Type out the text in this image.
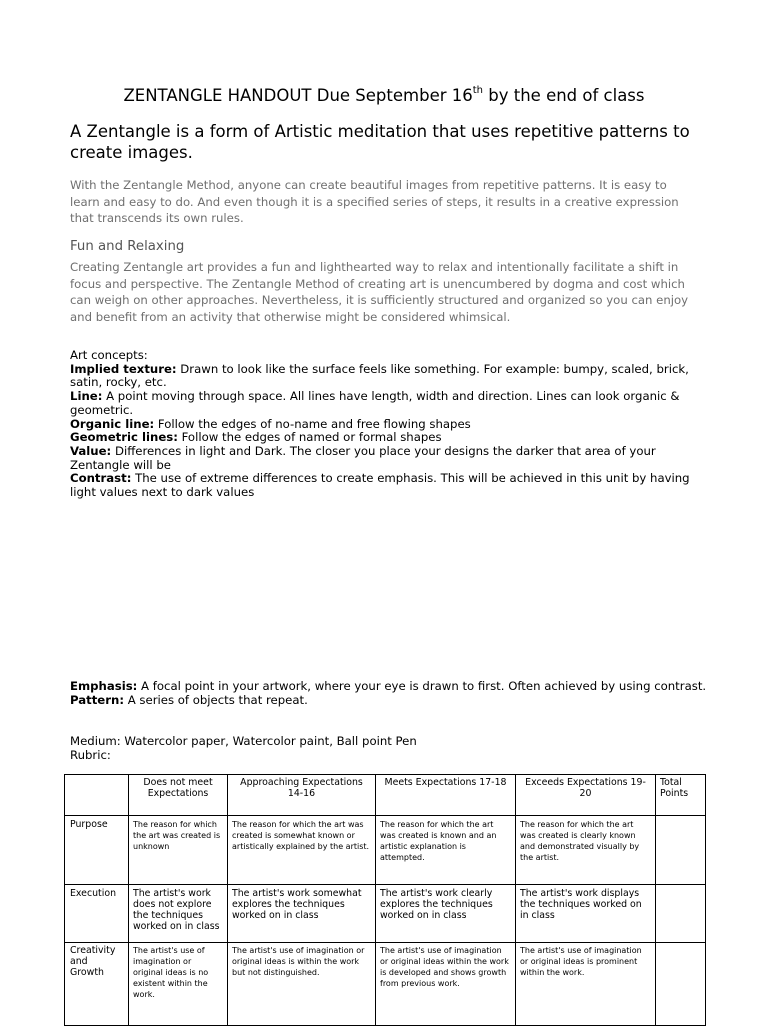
ZENTANGLE HANDOUT Due September 16th by the end of class
A Zentangle is a form of Artistic meditation that uses repetitive patterns to create images.
With the Zentangle Method, anyone can create beautiful images from repetitive patterns. It is easy to learn and easy to do. And even though it is a specified series of steps, it results in a creative expression that transcends its own rules.
Fun and Relaxing
Creating Zentangle art provides a fun and lighthearted way to relax and intentionally facilitate a shift in focus and perspective. The Zentangle Method of creating art is unencumbered by dogma and cost which can weigh on other approaches. Nevertheless, it is sufficiently structured and organized so you can enjoy and benefit from an activity that otherwise might be considered whimsical.

Art concepts:

Implied texture: Drawn to look like the surface feels like something. For example: bumpy, scaled, brick, satin, rocky, etc.

Line: A point moving through space. All lines have length, width and direction. Lines can look organic & geometric.

Organic line: Follow the edges of no-name and free flowing shapes

Geometric lines: Follow the edges of named or formal shapes

Value: Differences in light and Dark. The closer you place your designs the darker that area of your Zentangle will be

Contrast: The use of extreme differences to create emphasis. This will be achieved in this unit by having light values next to dark values

Emphasis: A focal point in your artwork, where your eye is drawn to first. Often achieved by using contrast.

Pattern: A series of objects that repeat.

Medium: Watercolor paper, Watercolor paint, Ball point Pen

Rubric:

	Does not meet Expectations	Approaching Expectations 14-16	Meets Expectations 17-18	Exceeds Expectations 19-20	Total Points
Purpose	The reason for which the art was created is unknown	The reason for which the art was created is somewhat known or artistically explained by the artist.	The reason for which the art was created is known and an artistic explanation is attempted.	The reason for which the art was created is clearly known and demonstrated visually by the artist.	
Execution	The artist's work does not explore the techniques worked on in class	The artist's work somewhat explores the techniques worked on in class	The artist's work clearly explores the techniques worked on in class	The artist's work displays the techniques worked on in class	
Creativity and Growth	The artist's use of imagination or original ideas is no existent within the work.	The artist's use of imagination or original ideas is within the work but not distinguished.	The artist's use of imagination or original ideas within the work is developed and shows growth from previous work.	The artist's use of imagination or original ideas is prominent within the work.	
